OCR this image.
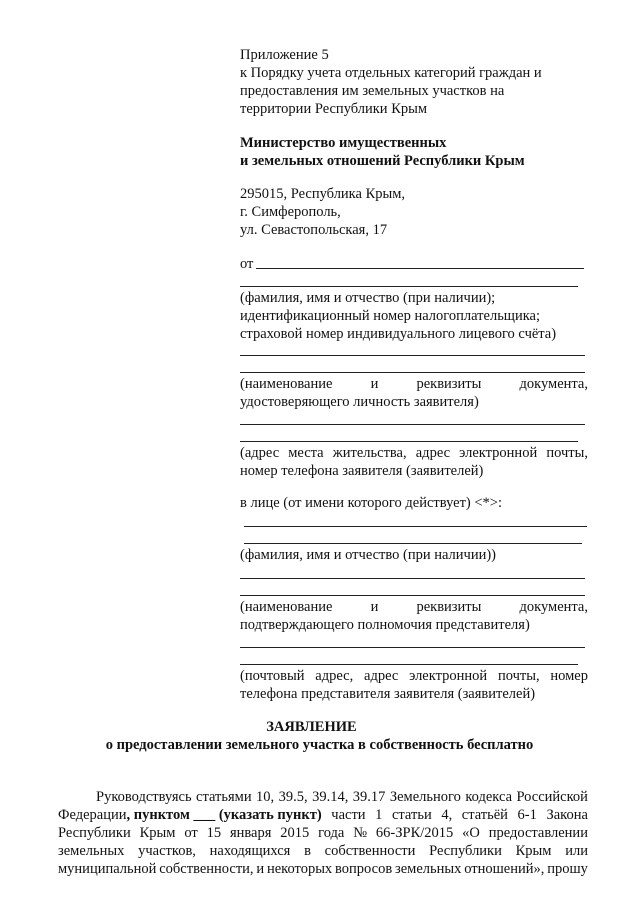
Приложение 5
к Порядку учета отдельных категорий граждан и
предоставления им земельных участков на
территории Республики Крым
Министерство имущественных
и земельных отношений Республики Крым
295015, Республика Крым,
г. Симферополь,
ул. Севастопольская, 17
от
(фамилия, имя и отчество (при наличии);
идентификационный номер налогоплательщика;
страховой номер индивидуального лицевого счёта)
(наименование	и	реквизиты	документа,
удостоверяющего личность заявителя)
(адрес места жительства, адрес электронной почты,
номер телефона заявителя (заявителей)
в лице (от имени которого действует) <*>:
(фамилия, имя и отчество (при наличии))
(наименование	и	реквизиты	документа,
подтверждающего полномочия представителя)
(почтовый адрес, адрес электронной почты, номер
телефона представителя заявителя (заявителей)
ЗАЯВЛЕНИЕ
о предоставлении земельного участка в собственность бесплатно
Руководствуясь статьями 10, 39.5, 39.14, 39.17 Земельного кодекса Российской
Федерации, пунктом ___ (указать пункт) части 1 статьи 4, статьёй 6-1 Закона
Республики Крым от 15 января 2015 года № 66-ЗРК/2015 «О предоставлении
земельных участков, находящихся в собственности Республики Крым или
муниципальной собственности, и некоторых вопросов земельных отношений», прошу
